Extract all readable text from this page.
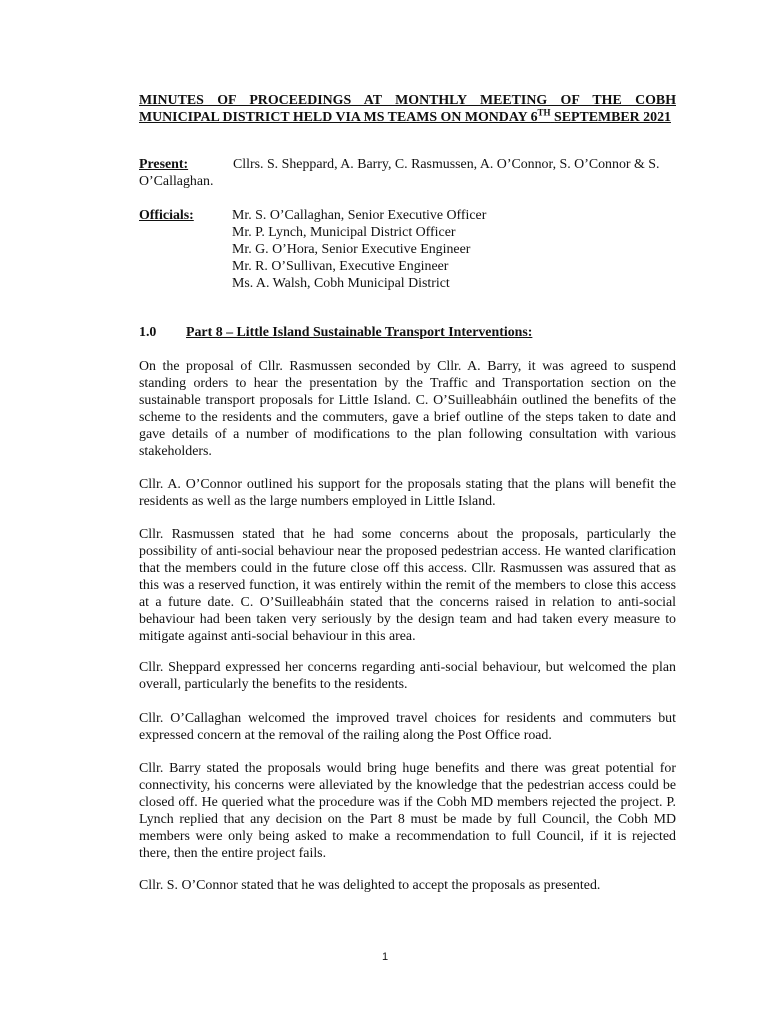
MINUTES OF PROCEEDINGS AT MONTHLY MEETING OF THE COBH MUNICIPAL DISTRICT HELD VIA MS TEAMS ON MONDAY 6TH SEPTEMBER 2021
Present:	Cllrs. S. Sheppard, A. Barry, C. Rasmussen, A. O’Connor, S. O’Connor & S. O’Callaghan.
Officials:	Mr. S. O’Callaghan, Senior Executive Officer
Mr. P. Lynch, Municipal District Officer
Mr. G. O’Hora, Senior Executive Engineer
Mr. R. O’Sullivan, Executive Engineer
Ms. A. Walsh, Cobh Municipal District
1.0 Part 8 – Little Island Sustainable Transport Interventions:
On the proposal of Cllr. Rasmussen seconded by Cllr. A. Barry, it was agreed to suspend standing orders to hear the presentation by the Traffic and Transportation section on the sustainable transport proposals for Little Island. C. O’Suilleabháin outlined the benefits of the scheme to the residents and the commuters, gave a brief outline of the steps taken to date and gave details of a number of modifications to the plan following consultation with various stakeholders.
Cllr. A. O’Connor outlined his support for the proposals stating that the plans will benefit the residents as well as the large numbers employed in Little Island.
Cllr. Rasmussen stated that he had some concerns about the proposals, particularly the possibility of anti-social behaviour near the proposed pedestrian access. He wanted clarification that the members could in the future close off this access. Cllr. Rasmussen was assured that as this was a reserved function, it was entirely within the remit of the members to close this access at a future date. C. O’Suilleabháin stated that the concerns raised in relation to anti-social behaviour had been taken very seriously by the design team and had taken every measure to mitigate against anti-social behaviour in this area.
Cllr. Sheppard expressed her concerns regarding anti-social behaviour, but welcomed the plan overall, particularly the benefits to the residents.
Cllr. O’Callaghan welcomed the improved travel choices for residents and commuters but expressed concern at the removal of the railing along the Post Office road.
Cllr. Barry stated the proposals would bring huge benefits and there was great potential for connectivity, his concerns were alleviated by the knowledge that the pedestrian access could be closed off. He queried what the procedure was if the Cobh MD members rejected the project. P. Lynch replied that any decision on the Part 8 must be made by full Council, the Cobh MD members were only being asked to make a recommendation to full Council, if it is rejected there, then the entire project fails.
Cllr. S. O’Connor stated that he was delighted to accept the proposals as presented.
1
